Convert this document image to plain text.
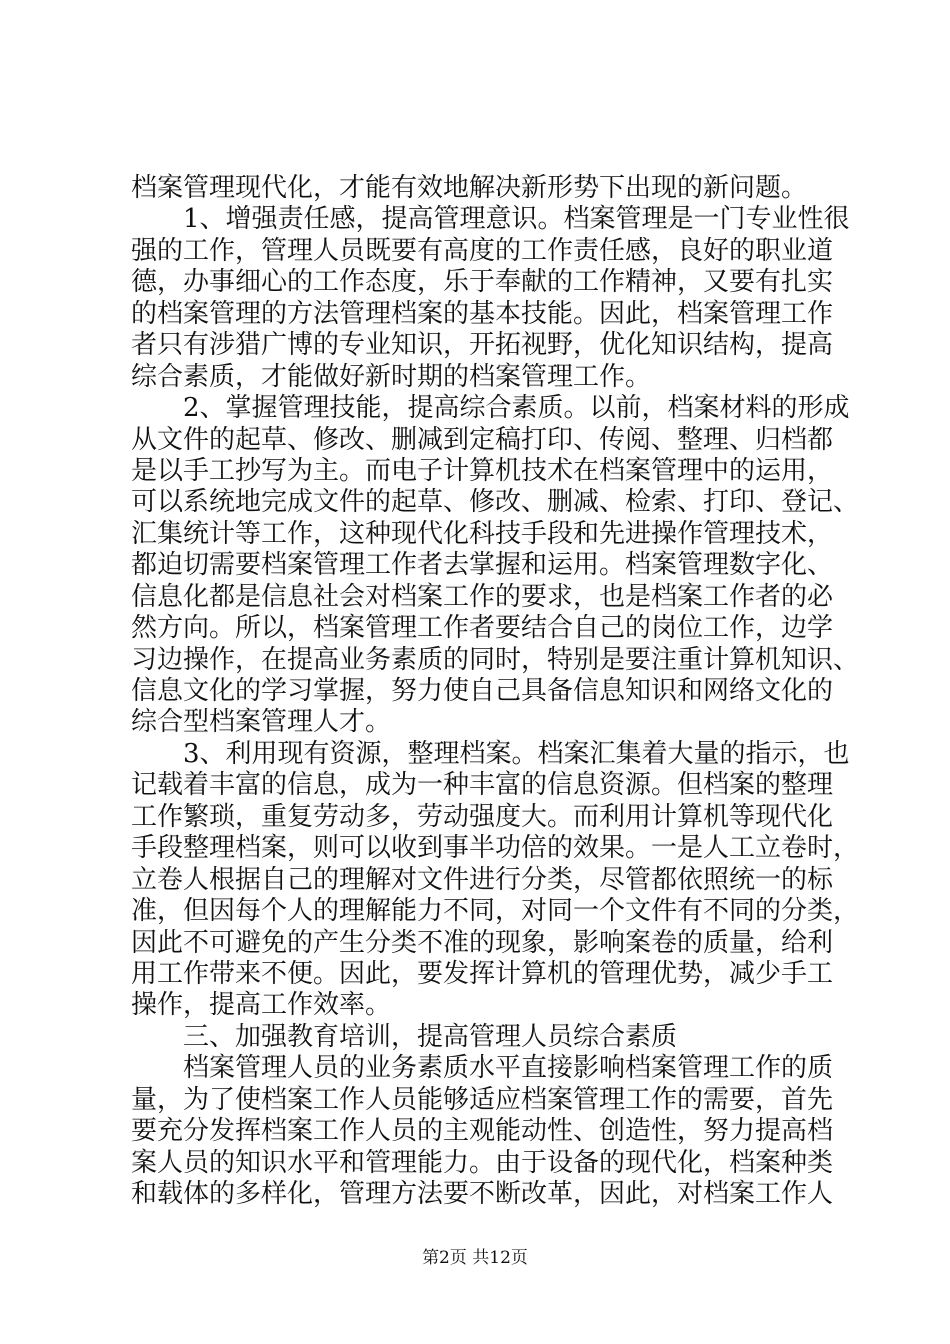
档案管理现代化，才能有效地解决新形势下出现的新问题。
1、增强责任感，提高管理意识。档案管理是一门专业性很
强的工作，管理人员既要有高度的工作责任感，良好的职业道
德，办事细心的工作态度，乐于奉献的工作精神，又要有扎实
的档案管理的方法管理档案的基本技能。因此，档案管理工作
者只有涉猎广博的专业知识，开拓视野，优化知识结构，提高
综合素质，才能做好新时期的档案管理工作。
2、掌握管理技能，提高综合素质。以前，档案材料的形成
从文件的起草、修改、删减到定稿打印、传阅、整理、归档都
是以手工抄写为主。而电子计算机技术在档案管理中的运用，
可以系统地完成文件的起草、修改、删减、检索、打印、登记、
汇集统计等工作，这种现代化科技手段和先进操作管理技术，
都迫切需要档案管理工作者去掌握和运用。档案管理数字化、
信息化都是信息社会对档案工作的要求，也是档案工作者的必
然方向。所以，档案管理工作者要结合自己的岗位工作，边学
习边操作，在提高业务素质的同时，特别是要注重计算机知识、
信息文化的学习掌握，努力使自己具备信息知识和网络文化的
综合型档案管理人才。
3、利用现有资源，整理档案。档案汇集着大量的指示，也
记载着丰富的信息，成为一种丰富的信息资源。但档案的整理
工作繁琐，重复劳动多，劳动强度大。而利用计算机等现代化
手段整理档案，则可以收到事半功倍的效果。一是人工立卷时，
立卷人根据自己的理解对文件进行分类，尽管都依照统一的标
准，但因每个人的理解能力不同，对同一个文件有不同的分类，
因此不可避免的产生分类不准的现象，影响案卷的质量，给利
用工作带来不便。因此，要发挥计算机的管理优势，减少手工
操作，提高工作效率。
三、加强教育培训，提高管理人员综合素质
档案管理人员的业务素质水平直接影响档案管理工作的质
量，为了使档案工作人员能够适应档案管理工作的需要，首先
要充分发挥档案工作人员的主观能动性、创造性，努力提高档
案人员的知识水平和管理能力。由于设备的现代化，档案种类
和载体的多样化，管理方法要不断改革，因此，对档案工作人
第2页 共12页
